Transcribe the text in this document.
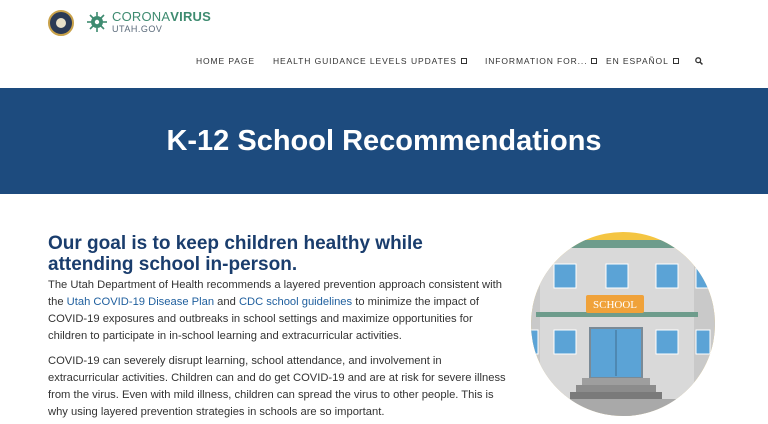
CORONAVIRUS
UTAH.GOV
HOME PAGE HEALTH GUIDANCE LEVELS UPDATES	INFORMATION FOR...	EN ESPAÑOL
K-12 School Recommendations
Our goal is to keep children healthy while attending school in-person.
The Utah Department of Health recommends a layered prevention approach consistent with the Utah COVID-19 Disease Plan and CDC school guidelines to minimize the impact of COVID-19 exposures and outbreaks in school settings and maximize opportunities for children to participate in in-school learning and extracurricular activities.
COVID-19 can severely disrupt learning, school attendance, and involvement in extracurricular activities. Children can and do get COVID-19 and are at risk for severe illness from the virus. Even with mild illness, children can spread the virus to other people. This is why using layered prevention strategies in schools are so important.
SCHOOL
